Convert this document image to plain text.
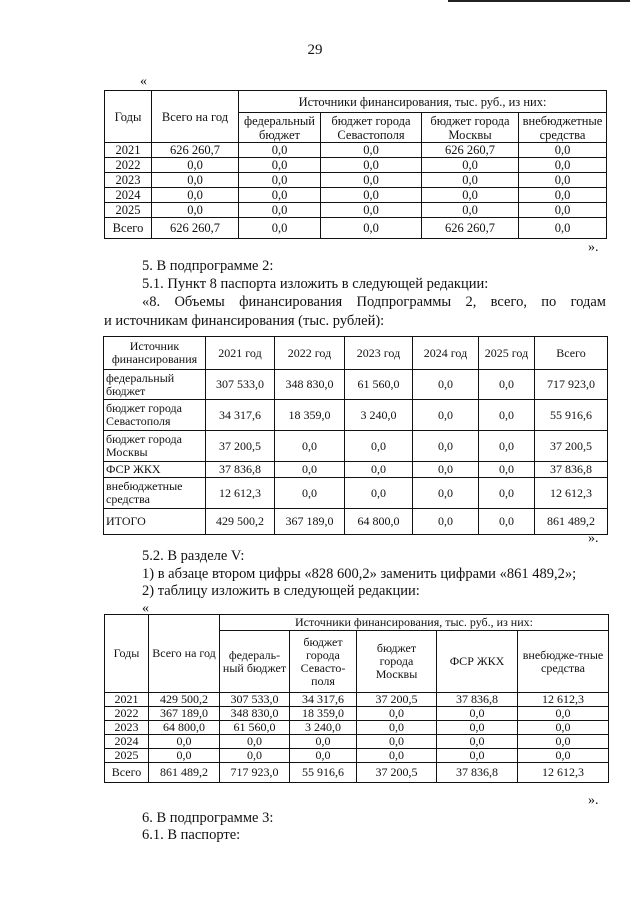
29
«
Годы	Всего на год	Источники финансирования, тыс. руб., из них:			
		федеральный бюджет	бюджет города Севастополя	бюджет города Москвы	внебюджетные средства
2021	626 260,7	0,0	0,0	626 260,7	0,0
2022	0,0	0,0	0,0	0,0	0,0
2023	0,0	0,0	0,0	0,0	0,0
2024	0,0	0,0	0,0	0,0	0,0
2025	0,0	0,0	0,0	0,0	0,0
Всего	626 260,7	0,0	0,0	626 260,7	0,0
».
5. В подпрограмме 2:
5.1. Пункт 8 паспорта изложить в следующей редакции:
«8. Объемы финансирования Подпрограммы 2, всего, по годам
и источникам финансирования (тыс. рублей):
Источник финансирования	2021 год	2022 год	2023 год	2024 год	2025 год	Всего
федеральный бюджет	307 533,0	348 830,0	61 560,0	0,0	0,0	717 923,0
бюджет города Севастополя	34 317,6	18 359,0	3 240,0	0,0	0,0	55 916,6
бюджет города Москвы	37 200,5	0,0	0,0	0,0	0,0	37 200,5
ФСР ЖКХ	37 836,8	0,0	0,0	0,0	0,0	37 836,8
внебюджетные средства	12 612,3	0,0	0,0	0,0	0,0	12 612,3
ИТОГО	429 500,2	367 189,0	64 800,0	0,0	0,0	861 489,2
».
5.2. В разделе V:
1) в абзаце втором цифры «828 600,2» заменить цифрами «861 489,2»;
2) таблицу изложить в следующей редакции:
«
Годы	Всего на год	Источники финансирования, тыс. руб., из них:				
		федераль-ный бюджет	бюджет города Севасто-поля	бюджет города Москвы	ФСР ЖКХ	внебюдже-тные средства
2021	429 500,2	307 533,0	34 317,6	37 200,5	37 836,8	12 612,3
2022	367 189,0	348 830,0	18 359,0	0,0	0,0	0,0
2023	64 800,0	61 560,0	3 240,0	0,0	0,0	0,0
2024	0,0	0,0	0,0	0,0	0,0	0,0
2025	0,0	0,0	0,0	0,0	0,0	0,0
Всего	861 489,2	717 923,0	55 916,6	37 200,5	37 836,8	12 612,3
».
6. В подпрограмме 3:
6.1. В паспорте:
